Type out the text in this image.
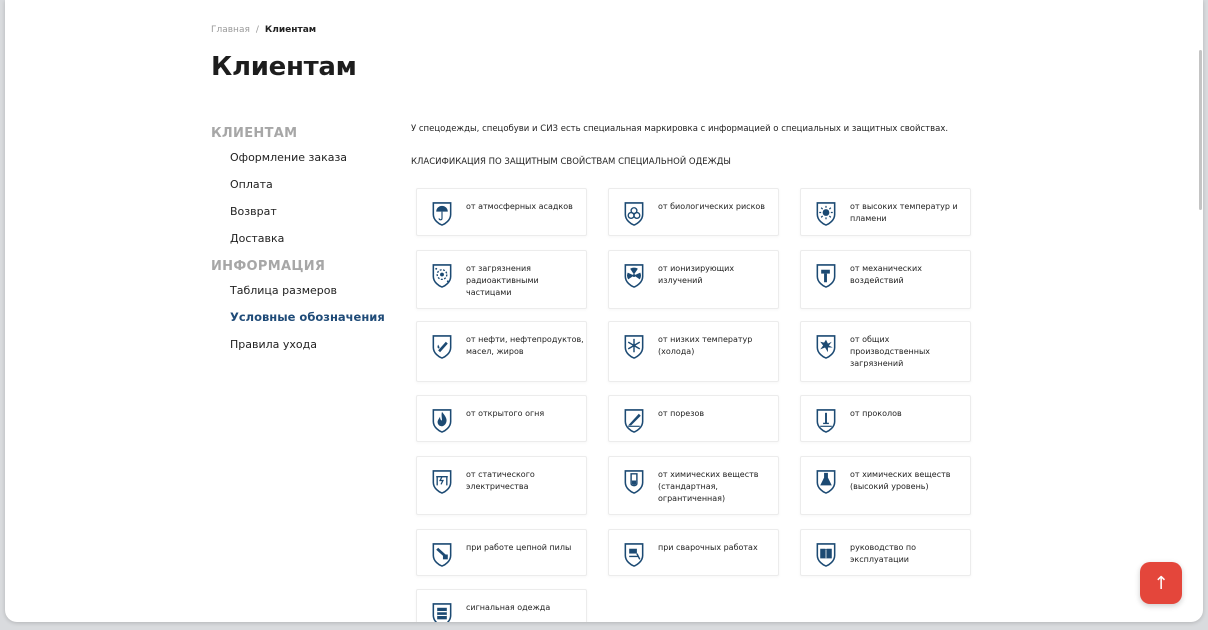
Главная / Клиентам
Клиентам
КЛИЕНТАМ
Оформление заказа
Оплата
Возврат
Доставка
ИНФОРМАЦИЯ
Таблица размеров
Условные обозначения
Правила ухода
У спецодежды, спецобуви и СИЗ есть специальная маркировка с информацией о специальных и защитных свойствах.
КЛАСИФИКАЦИЯ ПО ЗАЩИТНЫМ СВОЙСТВАМ СПЕЦИАЛЬНОЙ ОДЕЖДЫ
от атмосферных асадков	от биологических рисков	от высоких температур и пламени
от загрязнения радиоактивными частицами
от ионизирующих излучений
от механических воздействий
от нефти, нефтепродуктов, масел, жиров
от низких температур (холода)
от общих производственных загрязнений
от открытого огня	от порезов	от проколов
от статического электричества
от химических веществ (стандартная, огрантиченная)
от химических веществ (высокий уровень)
при работе цепной пилы	при сварочных работах	руководство по эксплуатации
сигнальная одежда
↑
